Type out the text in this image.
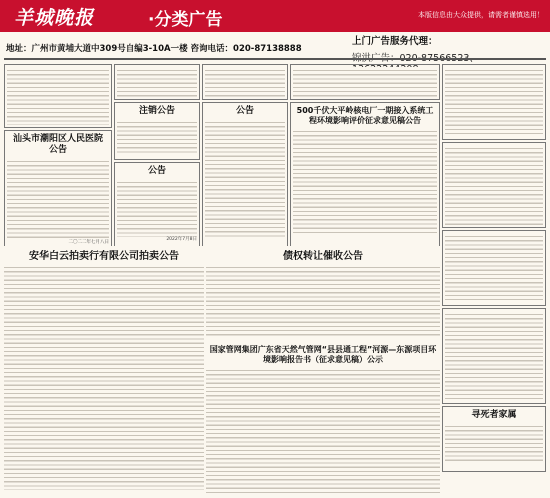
羊城晚报	·分类广告	本版信息由大众提供，请需者谨慎选用！
地址：广州市黄埔大道中309号自编3-10A一楼 咨询电话：020-87138888
上门广告服务代理：
汕头市潮阳区人民医院
公告
二〇二二年七月八日
注销公告
公告
2022年7月8日
公告	500千伏大平岭核电厂一期接入系统工程环境影响评价征求意见稿公告
寻死者家属
安华白云拍卖行有限公司拍卖公告	债权转让催收公告
国家管网集团广东省天然气管网“县县通工程”河源—东源项目环境影响报告书（征求意见稿）公示
